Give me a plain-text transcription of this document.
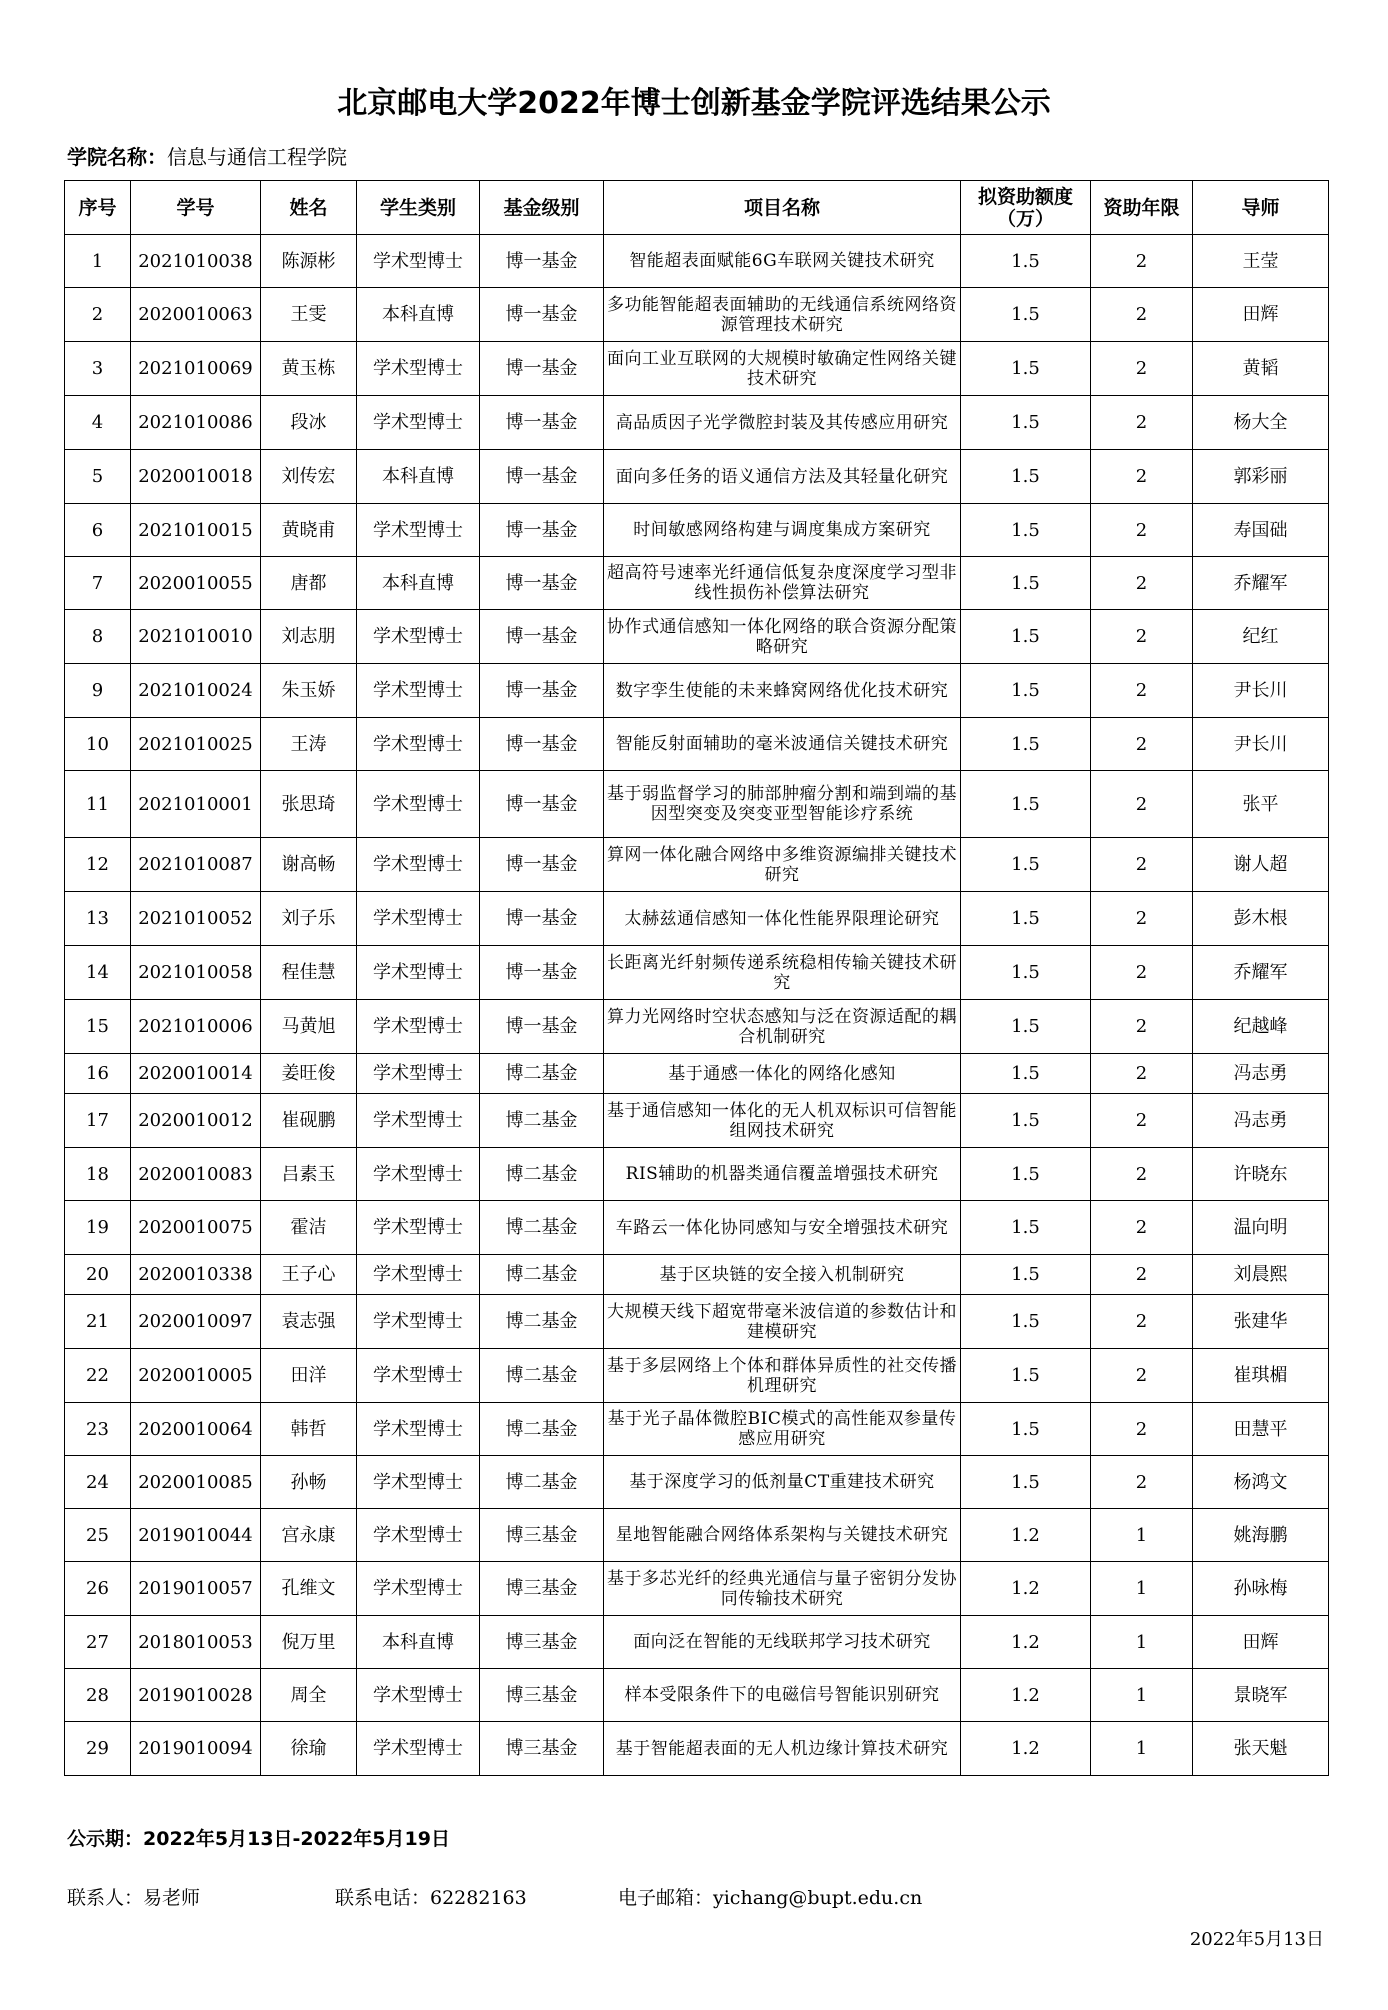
北京邮电大学2022年博士创新基金学院评选结果公示
学院名称：信息与通信工程学院
序号	学号	姓名	学生类别	基金级别	项目名称	拟资助额度（万）	资助年限	导师
1	2021010038	陈源彬	学术型博士	博一基金	智能超表面赋能6G车联网关键技术研究	1.5	2	王莹
2	2020010063	王雯	本科直博	博一基金	多功能智能超表面辅助的无线通信系统网络资源管理技术研究	1.5	2	田辉
3	2021010069	黄玉栋	学术型博士	博一基金	面向工业互联网的大规模时敏确定性网络关键技术研究	1.5	2	黄韬
4	2021010086	段冰	学术型博士	博一基金	高品质因子光学微腔封装及其传感应用研究	1.5	2	杨大全
5	2020010018	刘传宏	本科直博	博一基金	面向多任务的语义通信方法及其轻量化研究	1.5	2	郭彩丽
6	2021010015	黄晓甫	学术型博士	博一基金	时间敏感网络构建与调度集成方案研究	1.5	2	寿国础
7	2020010055	唐都	本科直博	博一基金	超高符号速率光纤通信低复杂度深度学习型非线性损伤补偿算法研究	1.5	2	乔耀军
8	2021010010	刘志朋	学术型博士	博一基金	协作式通信感知一体化网络的联合资源分配策略研究	1.5	2	纪红
9	2021010024	朱玉娇	学术型博士	博一基金	数字孪生使能的未来蜂窝网络优化技术研究	1.5	2	尹长川
10	2021010025	王涛	学术型博士	博一基金	智能反射面辅助的毫米波通信关键技术研究	1.5	2	尹长川
11	2021010001	张思琦	学术型博士	博一基金	基于弱监督学习的肺部肿瘤分割和端到端的基因型突变及突变亚型智能诊疗系统	1.5	2	张平
12	2021010087	谢高畅	学术型博士	博一基金	算网一体化融合网络中多维资源编排关键技术研究	1.5	2	谢人超
13	2021010052	刘子乐	学术型博士	博一基金	太赫兹通信感知一体化性能界限理论研究	1.5	2	彭木根
14	2021010058	程佳慧	学术型博士	博一基金	长距离光纤射频传递系统稳相传输关键技术研究	1.5	2	乔耀军
15	2021010006	马黄旭	学术型博士	博一基金	算力光网络时空状态感知与泛在资源适配的耦合机制研究	1.5	2	纪越峰
16	2020010014	姜旺俊	学术型博士	博二基金	基于通感一体化的网络化感知	1.5	2	冯志勇
17	2020010012	崔砚鹏	学术型博士	博二基金	基于通信感知一体化的无人机双标识可信智能组网技术研究	1.5	2	冯志勇
18	2020010083	吕素玉	学术型博士	博二基金	RIS辅助的机器类通信覆盖增强技术研究	1.5	2	许晓东
19	2020010075	霍洁	学术型博士	博二基金	车路云一体化协同感知与安全增强技术研究	1.5	2	温向明
20	2020010338	王子心	学术型博士	博二基金	基于区块链的安全接入机制研究	1.5	2	刘晨熙
21	2020010097	袁志强	学术型博士	博二基金	大规模天线下超宽带毫米波信道的参数估计和建模研究	1.5	2	张建华
22	2020010005	田洋	学术型博士	博二基金	基于多层网络上个体和群体异质性的社交传播机理研究	1.5	2	崔琪楣
23	2020010064	韩哲	学术型博士	博二基金	基于光子晶体微腔BIC模式的高性能双参量传感应用研究	1.5	2	田慧平
24	2020010085	孙畅	学术型博士	博二基金	基于深度学习的低剂量CT重建技术研究	1.5	2	杨鸿文
25	2019010044	宫永康	学术型博士	博三基金	星地智能融合网络体系架构与关键技术研究	1.2	1	姚海鹏
26	2019010057	孔维文	学术型博士	博三基金	基于多芯光纤的经典光通信与量子密钥分发协同传输技术研究	1.2	1	孙咏梅
27	2018010053	倪万里	本科直博	博三基金	面向泛在智能的无线联邦学习技术研究	1.2	1	田辉
28	2019010028	周全	学术型博士	博三基金	样本受限条件下的电磁信号智能识别研究	1.2	1	景晓军
29	2019010094	徐瑜	学术型博士	博三基金	基于智能超表面的无人机边缘计算技术研究	1.2	1	张天魁
公示期：2022年5月13日-2022年5月19日
联系人：易老师	联系电话：62282163	电子邮箱：yichang@bupt.edu.cn
2022年5月13日
